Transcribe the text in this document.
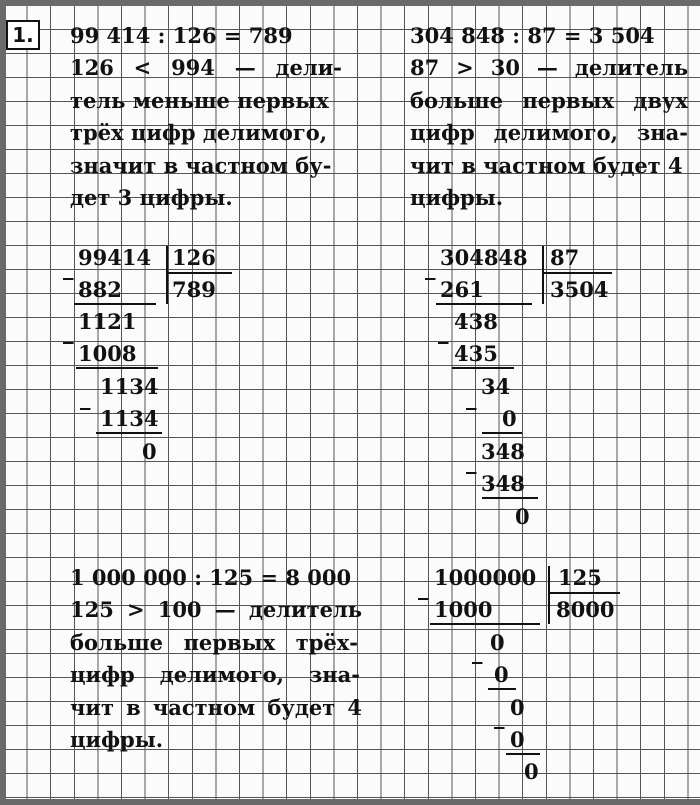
1. 99 414 : 126 = 789
126 < 994 — дели-
тель меньше первых
трёх цифр делимого,
значит в частном бу-
дет 3 цифры.
_ 99414 126
789
882
_ 1121
1008
_ 1134
1134
0
304 848 : 87 = 3 504
87 > 30 — делитель
больше первых двух
цифр делимого, зна-
чит в частном будет 4
цифры.
_ 304848 87
3504
261
_ 438
435
_ 34
0
_ 348
348
0
1 000 000 : 125 = 8 000
125 > 100 — делитель
больше первых трёх-
цифр делимого, зна-
чит в частном будет 4
цифры.
_ 1000000 125
8000
1000
_ 0
0
_ 0
0
0
